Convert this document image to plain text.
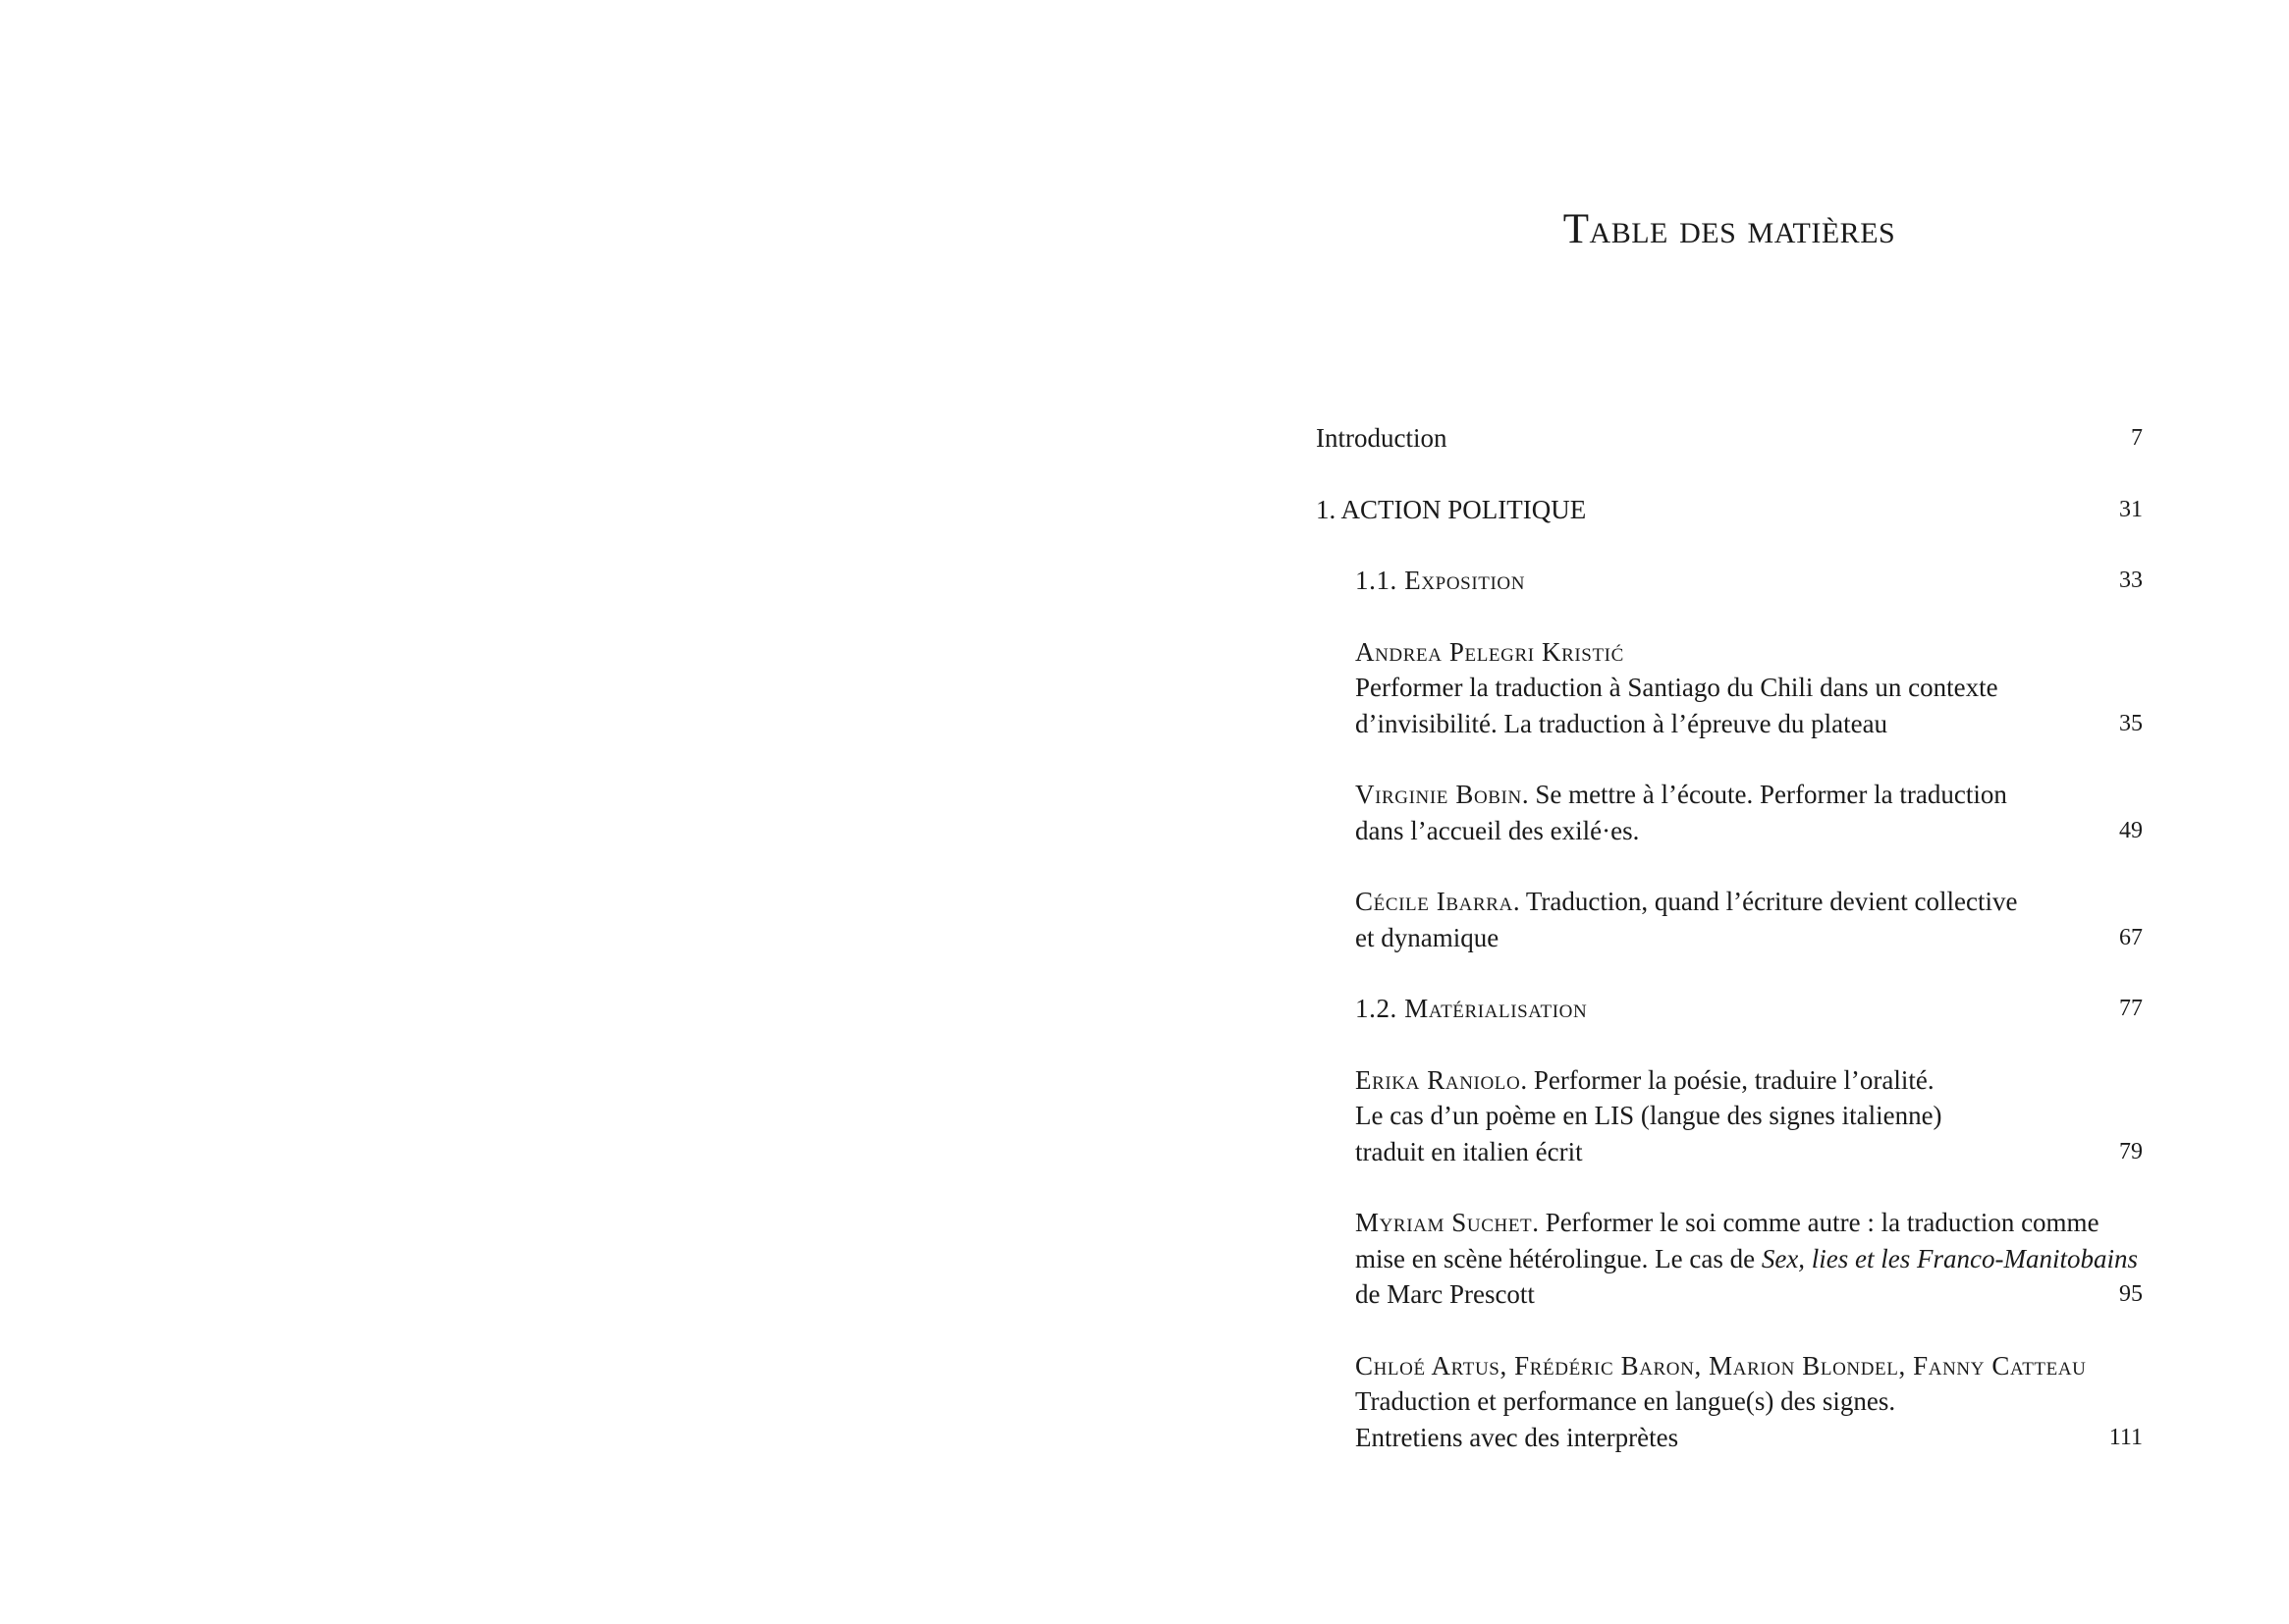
Table des matières
Introduction	7
1. ACTION POLITIQUE	31
1.1. Exposition	33
Andrea Pelegri Kristić
Performer la traduction à Santiago du Chili dans un contexte
d’invisibilité. La traduction à l’épreuve du plateau	35
Virginie Bobin. Se mettre à l’écoute. Performer la traduction
dans l’accueil des exilé·es.	49
Cécile Ibarra. Traduction, quand l’écriture devient collective
et dynamique	67
1.2. Matérialisation	77
Erika Raniolo. Performer la poésie, traduire l’oralité.
Le cas d’un poème en LIS (langue des signes italienne)
traduit en italien écrit	79
Myriam Suchet. Performer le soi comme autre : la traduction comme
mise en scène hétérolingue. Le cas de Sex, lies et les Franco-Manitobains
de Marc Prescott	95
Chloé Artus, Frédéric Baron, Marion Blondel, Fanny Catteau
Traduction et performance en langue(s) des signes.
Entretiens avec des interprètes	111
